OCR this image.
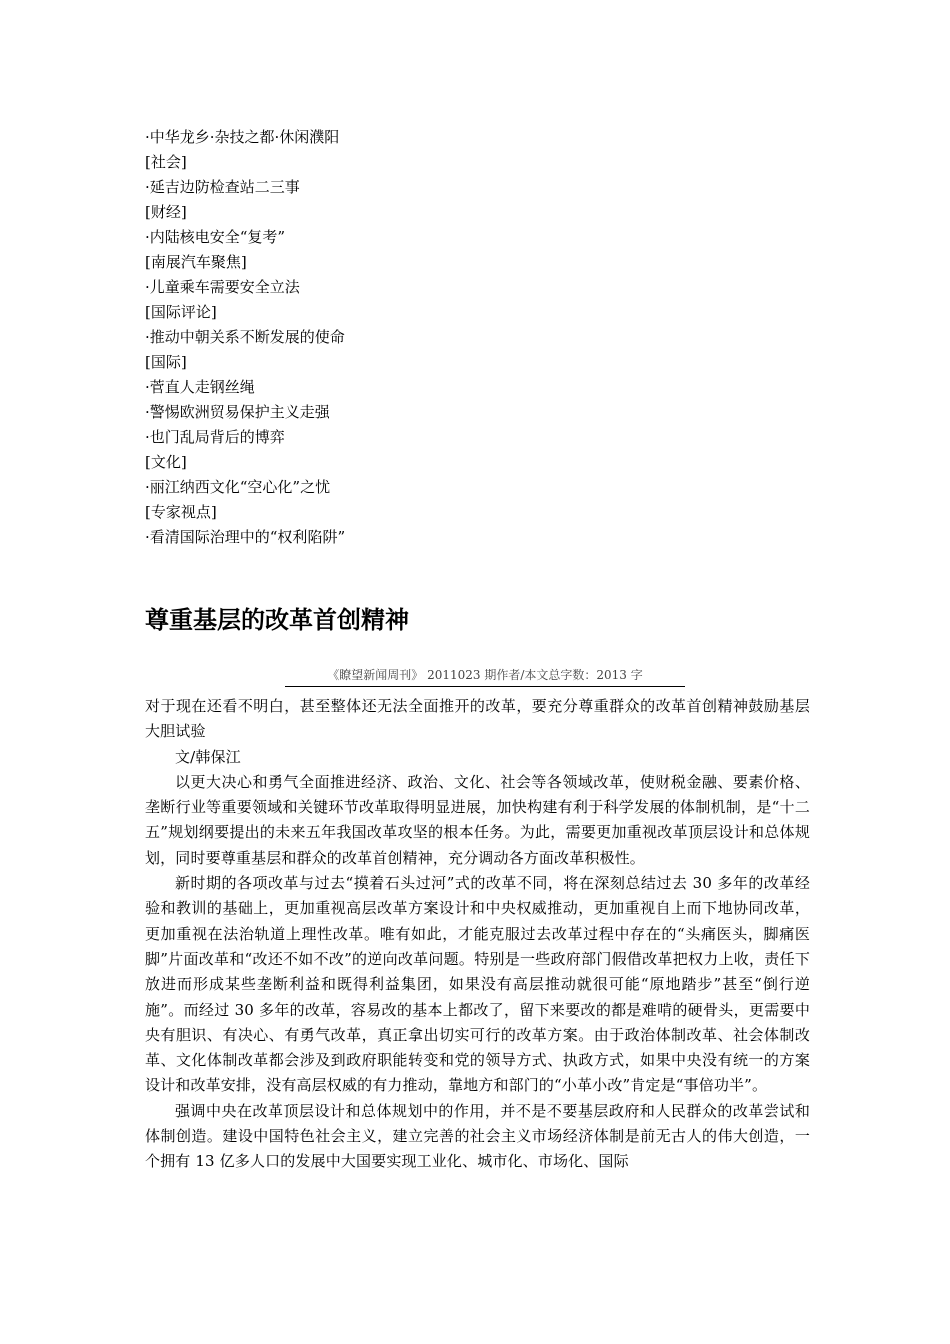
·中华龙乡·杂技之都·休闲濮阳
[社会]
·延吉边防检查站二三事
[财经]
·内陆核电安全“复考”
[南展汽车聚焦]
·儿童乘车需要安全立法
[国际评论]
·推动中朝关系不断发展的使命
[国际]
·菅直人走钢丝绳
·警惕欧洲贸易保护主义走强
·也门乱局背后的博弈
[文化]
·丽江纳西文化“空心化”之忧
[专家视点]
·看清国际治理中的“权利陷阱”
尊重基层的改革首创精神
《瞭望新闻周刊》 2011023 期作者/本文总字数：2013 字

对于现在还看不明白，甚至整体还无法全面推开的改革，要充分尊重群众的改革首创精神鼓励基层大胆试验

文/韩保江

以更大决心和勇气全面推进经济、政治、文化、社会等各领域改革，使财税金融、要素价格、垄断行业等重要领域和关键环节改革取得明显进展，加快构建有利于科学发展的体制机制，是“十二五”规划纲要提出的未来五年我国改革攻坚的根本任务。为此，需要更加重视改革顶层设计和总体规划，同时要尊重基层和群众的改革首创精神，充分调动各方面改革积极性。

新时期的各项改革与过去“摸着石头过河”式的改革不同，将在深刻总结过去 30 多年的改革经验和教训的基础上，更加重视高层改革方案设计和中央权威推动，更加重视自上而下地协同改革，更加重视在法治轨道上理性改革。唯有如此，才能克服过去改革过程中存在的“头痛医头，脚痛医脚”片面改革和“改还不如不改”的逆向改革问题。特别是一些政府部门假借改革把权力上收，责任下放进而形成某些垄断利益和既得利益集团，如果没有高层推动就很可能“原地踏步”甚至“倒行逆施”。而经过 30 多年的改革，容易改的基本上都改了，留下来要改的都是难啃的硬骨头，更需要中央有胆识、有决心、有勇气改革，真正拿出切实可行的改革方案。由于政治体制改革、社会体制改革、文化体制改革都会涉及到政府职能转变和党的领导方式、执政方式，如果中央没有统一的方案设计和改革安排，没有高层权威的有力推动，靠地方和部门的“小革小改”肯定是“事倍功半”。

强调中央在改革顶层设计和总体规划中的作用，并不是不要基层政府和人民群众的改革尝试和体制创造。建设中国特色社会主义，建立完善的社会主义市场经济体制是前无古人的伟大创造，一个拥有 13 亿多人口的发展中大国要实现工业化、城市化、市场化、国际
